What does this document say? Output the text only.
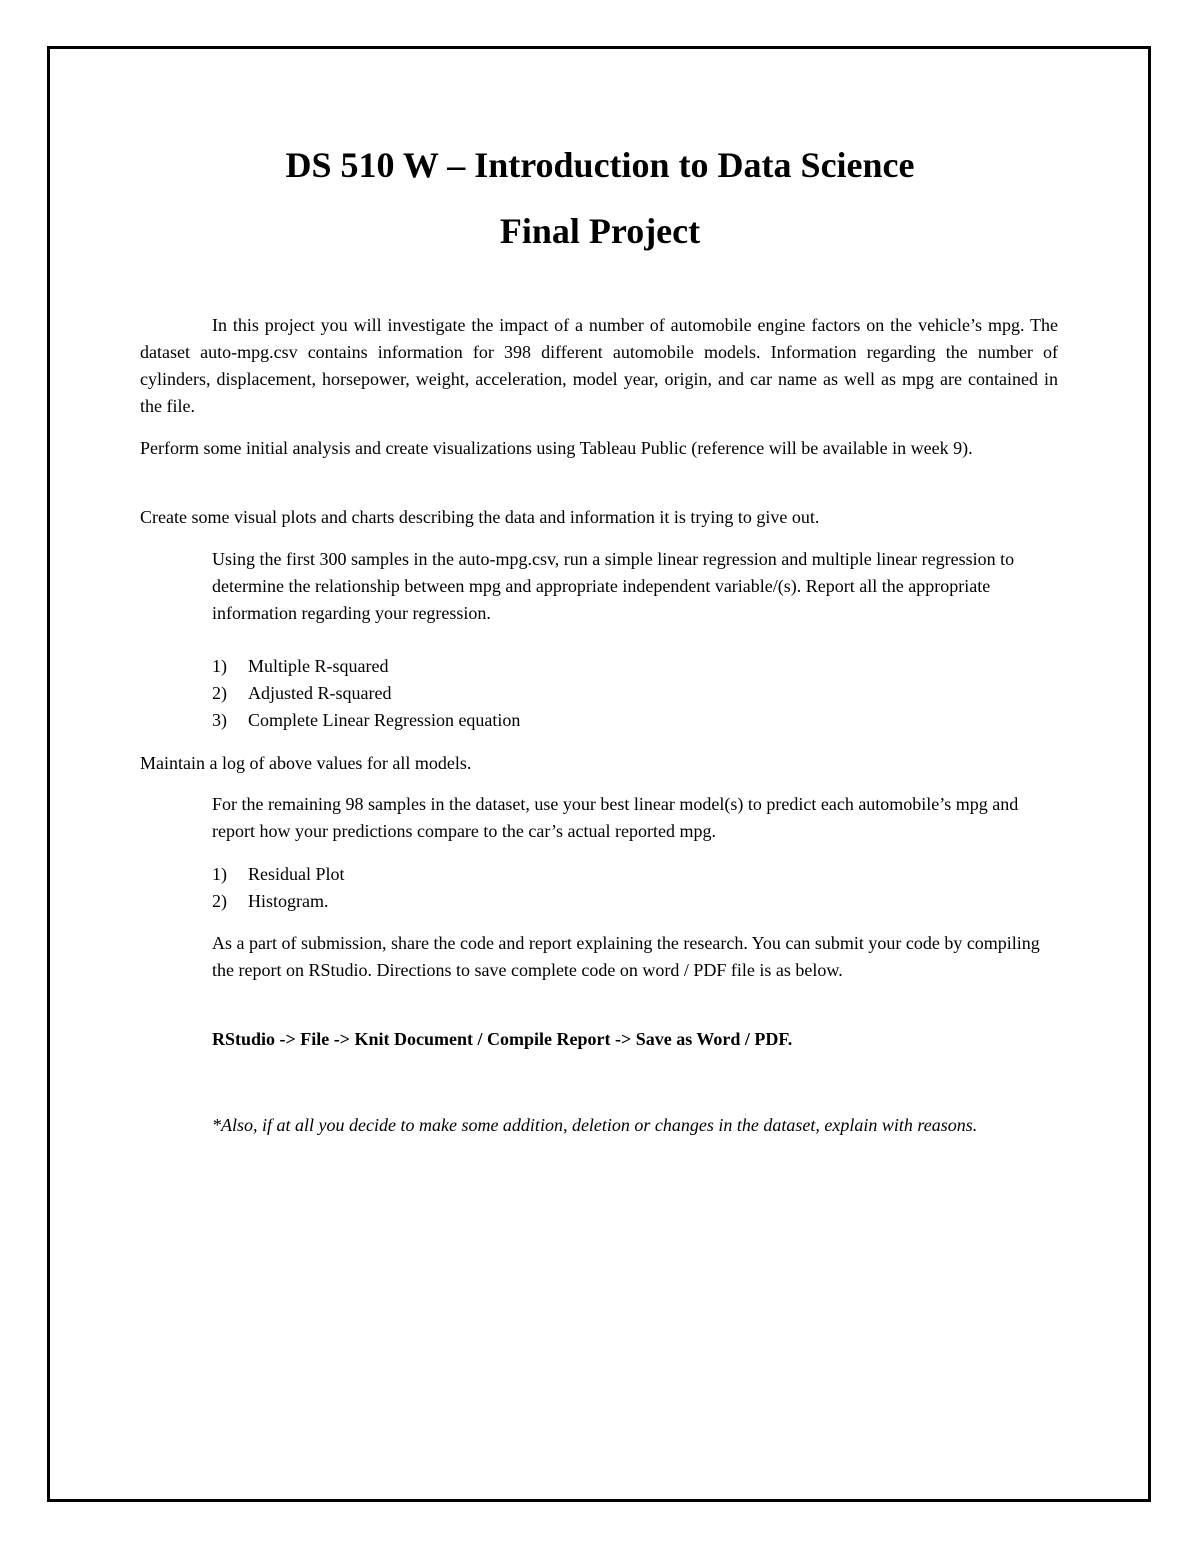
DS 510 W – Introduction to Data Science
Final Project

In this project you will investigate the impact of a number of automobile engine factors on the vehicle’s mpg. The dataset auto-mpg.csv contains information for 398 different automobile models. Information regarding the number of cylinders, displacement, horsepower, weight, acceleration, model year, origin, and car name as well as mpg are contained in the file.

Perform some initial analysis and create visualizations using Tableau Public (reference will be available in week 9).

Create some visual plots and charts describing the data and information it is trying to give out.

Using the first 300 samples in the auto-mpg.csv, run a simple linear regression and multiple linear regression to determine the relationship between mpg and appropriate independent variable/(s). Report all the appropriate information regarding your regression.

1)	Multiple R-squared
2)	Adjusted R-squared
3)	Complete Linear Regression equation

Maintain a log of above values for all models.

For the remaining 98 samples in the dataset, use your best linear model(s) to predict each automobile’s mpg and report how your predictions compare to the car’s actual reported mpg.

1)	Residual Plot
2)	Histogram.

As a part of submission, share the code and report explaining the research. You can submit your code by compiling the report on RStudio. Directions to save complete code on word / PDF file is as below.

RStudio -> File -> Knit Document / Compile Report -> Save as Word / PDF.

*Also, if at all you decide to make some addition, deletion or changes in the dataset, explain with reasons.
